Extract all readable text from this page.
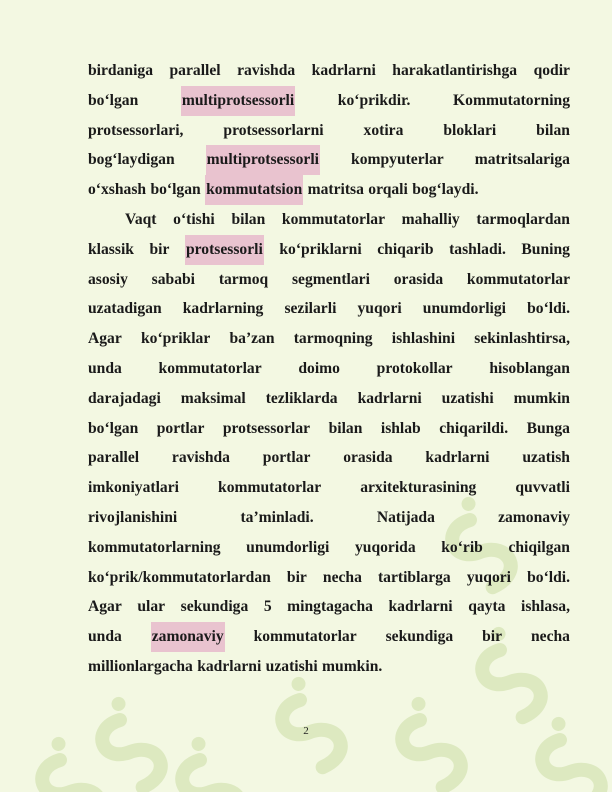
birdaniga parallel ravishda kadrlarni harakatlantirishga qodir
bo‘lgan	multiprotsessorli	ko‘prikdir.	Kommutatorning
protsessorlari,	protsessorlarni	xotira	bloklari	bilan
bog‘laydigan multiprotsessorli kompyuterlar matritsalariga
o‘xshash bo‘lgan kommutatsion matritsa orqali bog‘laydi.
Vaqt o‘tishi bilan kommutatorlar mahalliy tarmoqlardan
klassik bir protsessorli ko‘priklarni chiqarib tashladi. Buning
asosiy sababi tarmoq segmentlari orasida kommutatorlar
uzatadigan kadrlarning sezilarli yuqori unumdorligi bo‘ldi.
Agar ko‘priklar ba’zan tarmoqning ishlashini sekinlashtirsa,
unda kommutatorlar doimo protokollar hisoblangan
darajadagi maksimal tezliklarda kadrlarni uzatishi mumkin
bo‘lgan portlar protsessorlar bilan ishlab chiqarildi. Bunga
parallel ravishda portlar orasida kadrlarni uzatish
imkoniyatlari	kommutatorlar	arxitekturasining	quvvatli
rivojlanishini	ta’minladi.	Natijada	zamonaviy
kommutatorlarning unumdorligi yuqorida ko‘rib chiqilgan
ko‘prik/kommutatorlardan bir necha tartiblarga yuqori bo‘ldi.
Agar ular sekundiga 5 mingtagacha kadrlarni qayta ishlasa,
unda zamonaviy kommutatorlar sekundiga bir necha
millionlargacha kadrlarni uzatishi mumkin.
2
